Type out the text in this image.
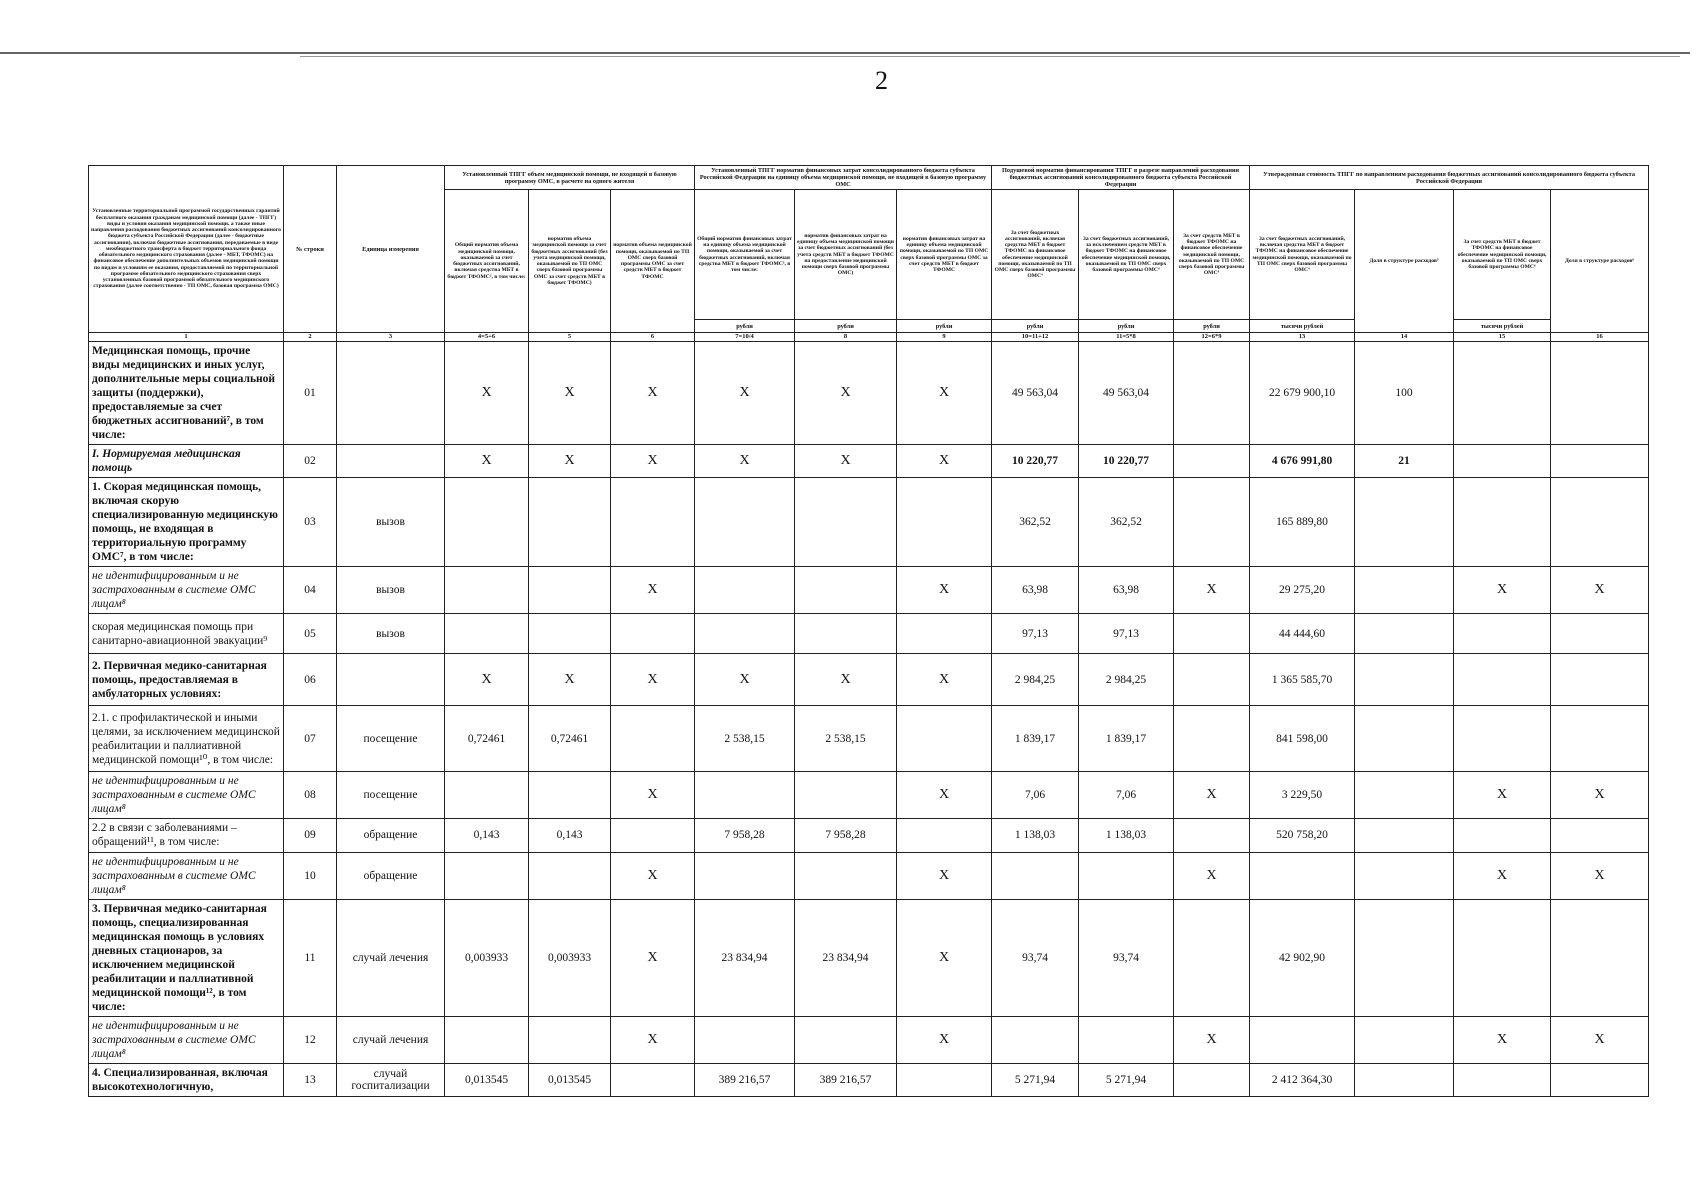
2
Установленные территориальной программой государственных гарантий бесплатного оказания гражданам медицинской помощи (далее - ТПГГ) виды и условия оказания медицинской помощи, а также иные направления расходования бюджетных ассигнований консолидированного бюджета субъекта Российской Федерации (далее - бюджетные ассигнования), включая бюджетные ассигнования, передаваемые в виде межбюджетного трансферта в бюджет территориального фонда обязательного медицинского страхования (далее - МБТ, ТФОМС) на финансовое обеспечение дополнительных объемов медицинской помощи по видам и условиям ее оказания, предоставляемой по территориальной программе обязательного медицинского страхования сверх установленных базовой программой обязательного медицинского страхования (далее соответственно - ТП ОМС, базовая программа ОМС)	№ строки	Единица измерения	Установленный ТПГГ объем медицинской помощи, не входящей в базовую программу ОМС, в расчете на одного жителя			Установленный ТПГГ норматив финансовых затрат консолидированного бюджета субъекта Российской Федерации на единицу объема медицинской помощи, не входящей в базовую программу ОМС			Подушевой норматив финансирования ТПГГ в разрезе направлений расходования бюджетных ассигнований консолидированного бюджета субъекта Российской Федерации			Утвержденная стоимость ТПГГ по направлениям расходования бюджетных ассигнований консолидированного бюджета субъекта Российской Федерации			
			Общий норматив объема медицинской помощи, оказываемой за счет бюджетных ассигнований, включая средства МБТ в бюджет ТФОМС², в том числе:	норматив объема медицинской помощи за счет бюджетных ассигнований (без учета медицинской помощи, оказываемой по ТП ОМС сверх базовой программы ОМС за счет средств МБТ в бюджет ТФОМС)	норматив объема медицинской помощи, оказываемой по ТП ОМС сверх базовой программы ОМС за счет средств МБТ в бюджет ТФОМС	Общий норматив финансовых затрат на единицу объема медицинской помощи, оказываемой за счет бюджетных ассигнований, включая средства МБТ в бюджет ТФОМС³, в том числе:	норматив финансовых затрат на единицу объема медицинской помощи за счет бюджетных ассигнований (без учета средств МБТ в бюджет ТФОМС на предоставление медицинской помощи сверх базовой программы ОМС)	норматив финансовых затрат на единицу объема медицинской помощи, оказываемой по ТП ОМС сверх базовой программы ОМС за счет средств МБТ в бюджет ТФОМС	За счет бюджетных ассигнований, включая средства МБТ в бюджет ТФОМС на финансовое обеспечение медицинской помощи, оказываемой по ТП ОМС сверх базовой программы ОМС⁴	За счет бюджетных ассигнований, за исключением средств МБТ в бюджет ТФОМС на финансовое обеспечение медицинской помощи, оказываемой по ТП ОМС сверх базовой программы ОМС⁴	За счет средств МБТ в бюджет ТФОМС на финансовое обеспечение медицинской помощи, оказываемой по ТП ОМС сверх базовой программы ОМС⁴	За счет бюджетных ассигнований, включая средства МБТ в бюджет ТФОМС на финансовое обеспечение медицинской помощи, оказываемой по ТП ОМС сверх базовой программы ОМС⁴	Доля в структуре расходов⁵	За счет средств МБТ в бюджет ТФОМС на финансовое обеспечение медицинской помощи, оказываемой по ТП ОМС сверх базовой программы ОМС⁶	Доля в структуре расходов⁶
						рубли	рубли	рубли	рубли	рубли	рубли	тысячи рублей		тысячи рублей	
1	2	3	4=5+6	5	6	7=10/4	8	9	10=11+12	11=5*8	12=6*9	13	14	15	16
Медицинская помощь, прочие виды медицинских и иных услуг, дополнительные меры социальной защиты (поддержки), предоставляемые за счет бюджетных ассигнований⁷, в том числе:	01		X	X	X	X	X	X	49 563,04	49 563,04		22 679 900,10	100		
I. Нормируемая медицинская помощь	02		X	X	X	X	X	X	10 220,77	10 220,77		4 676 991,80	21		
1. Скорая медицинская помощь, включая скорую специализированную медицинскую помощь, не входящая в территориальную программу ОМС⁷, в том числе:	03	вызов							362,52	362,52		165 889,80			
не идентифицированным и не застрахованным в системе ОМС лицам⁸	04	вызов			X			X	63,98	63,98	X	29 275,20		X	X
скорая медицинская помощь при санитарно-авиационной эвакуации⁹	05	вызов							97,13	97,13		44 444,60			
2. Первичная медико-санитарная помощь, предоставляемая в амбулаторных условиях:	06		X	X	X	X	X	X	2 984,25	2 984,25		1 365 585,70			
2.1. с профилактической и иными целями, за исключением медицинской реабилитации и паллиативной медицинской помощи¹⁰, в том числе:	07	посещение	0,72461	0,72461		2 538,15	2 538,15		1 839,17	1 839,17		841 598,00			
не идентифицированным и не застрахованным в системе ОМС лицам⁸	08	посещение			X			X	7,06	7,06	X	3 229,50		X	X
2.2 в связи с заболеваниями – обращений¹¹, в том числе:	09	обращение	0,143	0,143		7 958,28	7 958,28		1 138,03	1 138,03		520 758,20			
не идентифицированным и не застрахованным в системе ОМС лицам⁸	10	обращение			X			X			X			X	X
3. Первичная медико-санитарная помощь, специализированная медицинская помощь в условиях дневных стационаров, за исключением медицинской реабилитации и паллиативной медицинской помощи¹², в том числе:	11	случай лечения	0,003933	0,003933	X	23 834,94	23 834,94	X	93,74	93,74		42 902,90			
не идентифицированным и не застрахованным в системе ОМС лицам⁸	12	случай лечения			X			X			X			X	X
4. Специализированная, включая высокотехнологичную,	13	случай госпитализации	0,013545	0,013545		389 216,57	389 216,57		5 271,94	5 271,94		2 412 364,30			
